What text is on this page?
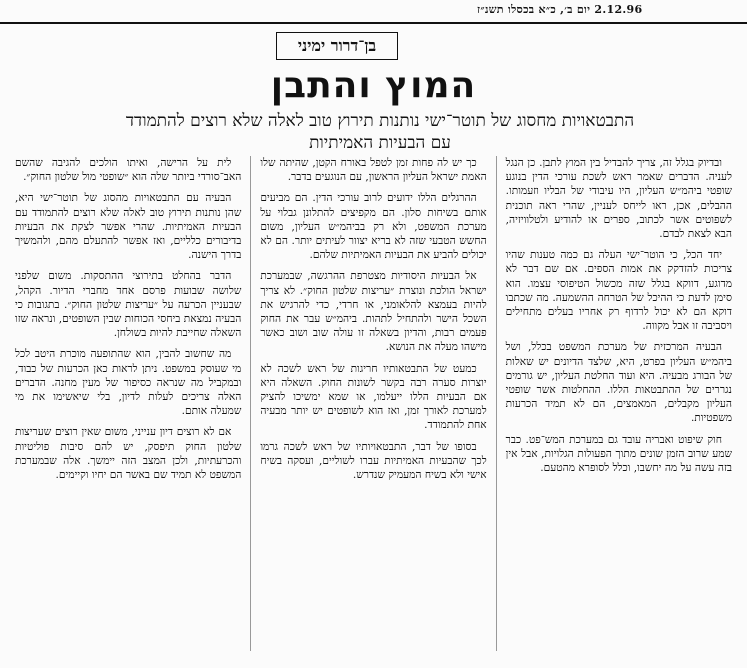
2.12.96 יום ב׳, כ״א בכסלו תשנ״ז
בן־דרור ימיני
המוץ והתבן
התבטאויות מחסוג של תוטר־ישי נותנות תירוץ טוב לאלה שלא רוצים להתמודד עם הבעיות האמיתיות

ובדיוק בגלל זה, צריך להבדיל בין המוץ לתבן. כן הנגל לעניה. הדברים שאמר ראש לשכת עורכי הדין בנוגע שופטי ביהמ״ש העליון, היו עיבודי של הבליו וזעמותו. ההבלים, אכן, ראו לייחס לעניין, שהרי ראה תוכנית לשפוטים אשר לכתוב, ספרים או להודיע ולטלוויזיה, הבא לצאת לבדם.

יחד הכל, כי הוטר־ישי העלה גם כמה טענות שהיו צריכות להזדקק את אמות הספים. אם שם דבר לא מדוגע, דווקא בגלל שזה מכשול הטיפוסי עצמו. הוא סימן לדעת כי ההיכל של הטרחה ההשמעה. מה שכתבו דוקא הם לא יכול לרדוף רק אחריו בעלים מתחילים ויסביבה זו אבל מקווה.

הבעיה המרכזית של מערכת המשפט בכלל, ושל ביהמ״ש העליון בפרט, היא, שלצד הדיונים יש שאלות של הבורג מבעיה. היא ועוד החלטת העליון, יש גורמים נגררים של ההתבטאות הללו. ההחלטות אשר שופטי העליון מקבלים, המאמצים, הם לא תמיד הכרעות משפטיות.

חוק שיפוט ואבריה עובד גם במערכת המש־פט. כבר שמע שרוב הזמן שונים מתוך הפעולות הגלויות, אבל אין בזה עשה על מה יחשבו, וכלל לסופרא מהטעם.

כך יש לה פחות זמן לטפל באורח הקטן, שהיתה שלו האמת ישראל העליון הראשון, עם הנוגעים בדבר.

ההרגלים הללו ידועים לרוב עורכי הדין. הם מביעים אותם בשיחות סלון. הם מקפיצים להתלונן גבלוי על מערכת המשפט, ולא רק בביהמ״ש העליון, משום החשש הטבעי שזה לא בריא יצוור לעיתים יותר. הם לא יכולים להביע את הבעיות האמיתיות שלהם.

אל הבעיות היסודיות מצטרפת ההרגשה, שבמערכת ישראל הולכת ונוצרת ״עריצות שלטון החוק״. לא צריך להיות בעמצא להלאומני, או חרדי, כדי להרגיש את השכל הישר ולהתחיל לתהות. ביהמ״ש עבר את החוק פעמים רבות, והדיון בשאלה זו עולה שוב ושוב כאשר מישהו מעלה את הנושא.

כמעט של התבטאותיו חריגות של ראש לשכה לא יוצרות סערה רבה בקשר לשונות החוק. השאלה היא אם הבעיות הללו ייעלמו, או שמא ימשיכו להציק למערכת לאורך זמן, ואז הוא לשופטים יש יותר מבעיה אחת להתמודד.

בסופו של דבר, התבטאויותיו של ראש לשכה גרמו לכך שהבעיות האמיתיות עברו לשוליים, ועסקה בשיח אישי ולא בשיח המעמיק שנדרש.

לית על הרישה, ואיתו הולכים להגיבה שהשם האב־סורדי ביותר שלה הוא ״שופטי מול שלטון החוק״.

הבעיה עם התבטאויות מהסוג של תוטר־ישי היא, שהן נותנות תירוץ טוב לאלה שלא רוצים להתמודד עם הבעיות האמיתיות. שהרי אפשר לצקת את הבעיות בדיבורים כלליים, ואז אפשר להתעלם מהם, ולהמשיך בדרך הישנה.

הדבר בהחלט בתירוצי ההתסקות. משום שלפני שלושה שבועות פרסם אחד מחברי הדיור. הקהל, שבעניין הכרעה על ״עריצות שלטון החוק״. בתגובות כי הבעיה נמצאת ביחסי הכוחות שבין השופטים, ונראה שזו השאלה שחייבת להיות בשולחן.

מה שחשוב להבין, הוא שהתופעה מוכרת היטב לכל מי שעוסק במשפט. ניתן לראות כאן הכרעות של כבוד, ובמקביל מה שנראה כסיפור של מעין מחנה. הדברים האלה צריכים לעלות לדיון, בלי שיאשימו את מי שמעלה אותם.

אם לא רוצים דיון ענייני, משום שאין רוצים שעריצות שלטון החוק תיפסק, יש להם סיבות פוליטיות והכרעתיות, ולכן המצב הזה יימשך. אלה שבמערכת המשפט לא תמיד שם באשר הם יחיו וקיימים.
